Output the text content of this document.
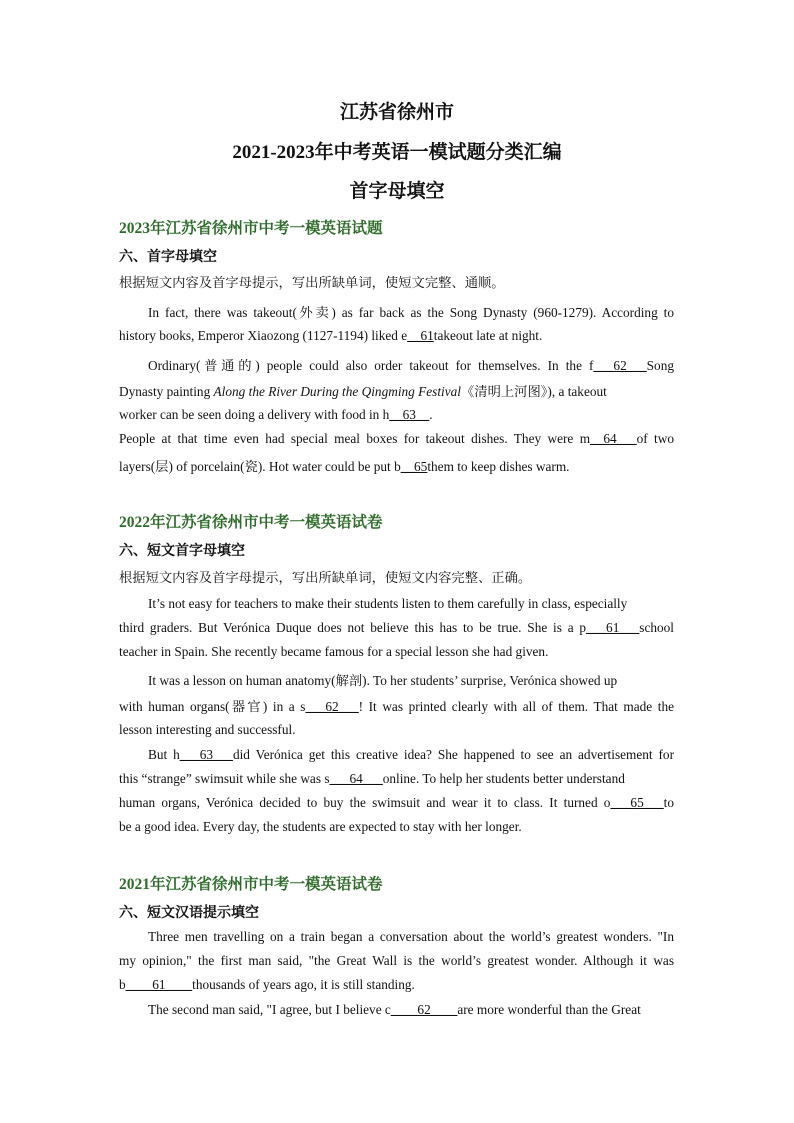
江苏省徐州市
2021-2023年中考英语一模试题分类汇编
首字母填空
2023年江苏省徐州市中考一模英语试题
六、首字母填空
根据短文内容及首字母提示，写出所缺单词，使短文完整、通顺。
In fact, there was takeout(外卖) as far back as the Song Dynasty (960-1279). According to
history books, Emperor Xiaozong (1127-1194) liked e__61takeout late at night.
Ordinary(普通的) people could also order takeout for themselves. In the f___62___Song
Dynasty painting Along the River During the Qingming Festival《清明上河图》), a takeout
worker can be seen doing a delivery with food in h__63__.
People at that time even had special meal boxes for takeout dishes. They were m__64___of two
layers(层) of porcelain(瓷). Hot water could be put b__65them to keep dishes warm.
2022年江苏省徐州市中考一模英语试卷
六、短文首字母填空
根据短文内容及首字母提示，写出所缺单词，使短文内容完整、正确。
It’s not easy for teachers to make their students listen to them carefully in class, especially
third graders. But Verónica Duque does not believe this has to be true. She is a p___61___school
teacher in Spain. She recently became famous for a special lesson she had given.
It was a lesson on human anatomy(解剖). To her students’ surprise, Verónica showed up
with human organs(器官) in a s___62___! It was printed clearly with all of them. That made the
lesson interesting and successful.
But h___63___did Verónica get this creative idea? She happened to see an advertisement for
this “strange” swimsuit while she was s___64___online. To help her students better understand
human organs, Verónica decided to buy the swimsuit and wear it to class. It turned o___65___to
be a good idea. Every day, the students are expected to stay with her longer.
2021年江苏省徐州市中考一模英语试卷
六、短文汉语提示填空
Three men travelling on a train began a conversation about the world’s greatest wonders. "In
my opinion," the first man said, "the Great Wall is the world’s greatest wonder. Although it was
b____61____thousands of years ago, it is still standing.
The second man said, "I agree, but I believe c____62____are more wonderful than the Great
